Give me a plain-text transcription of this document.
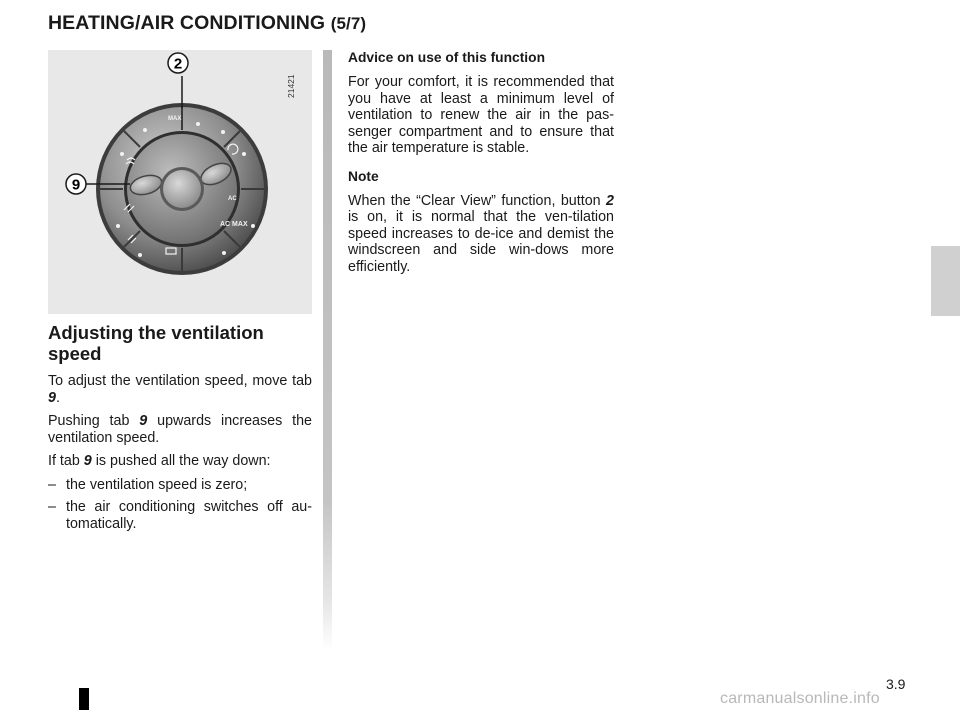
HEATING/AIR CONDITIONING (5/7)
MAX
AC
AC MAX
2
9
21421
Adjusting the ventilation speed

To adjust the ventilation speed, move tab 9.

Pushing tab 9 upwards increases the ventilation speed.

If tab 9 is pushed all the way down:

– the ventilation speed is zero;
– the air conditioning switches off au-tomatically.
Advice on use of this function

For your comfort, it is recommended that you have at least a minimum level of ventilation to renew the air in the pas-senger compartment and to ensure that the air temperature is stable.

Note

When the “Clear View” function, button 2 is on, it is normal that the ven-tilation speed increases to de-ice and demist the windscreen and side win-dows more efficiently.

3.9
carmanualsonline.info
